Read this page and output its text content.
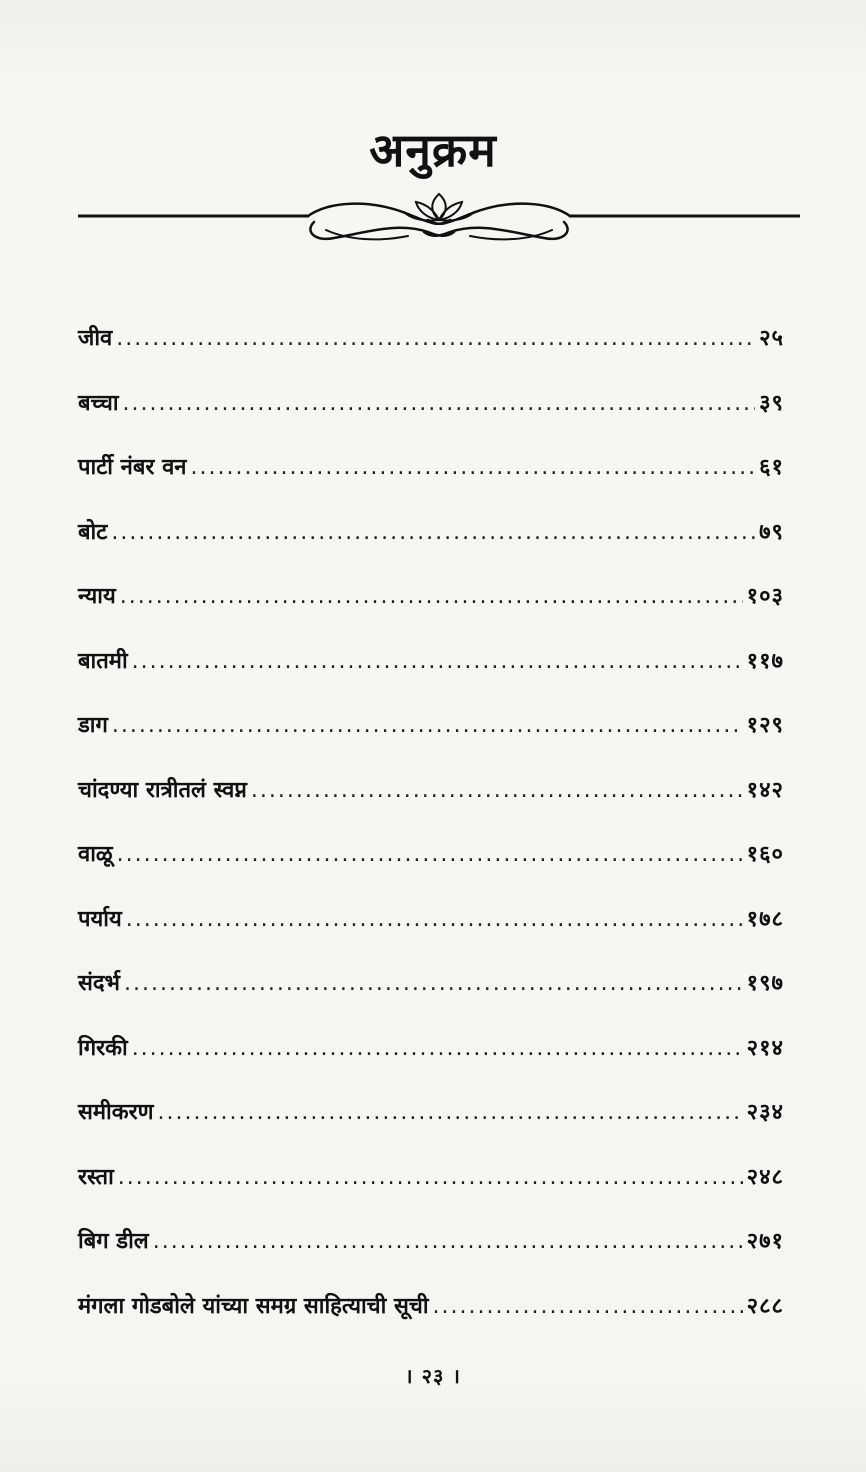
अनुक्रम
जीव .....	२५
बच्चा .....	३९
पार्टी नंबर वन .....	६१
बोट .....	७९
न्याय .....	१०३
बातमी .....	११७
डाग .....	१२९
चांदण्या रात्रीतलं स्वप्न .....	१४२
वाळू .....	१६०
पर्याय .....	१७८
संदर्भ .....	१९७
गिरकी .....	२१४
समीकरण .....	२३४
रस्ता .....	२४८
बिग डील .....	२७१
मंगला गोडबोले यांच्या समग्र साहित्याची सूची .....	२८८
। २३ ।
